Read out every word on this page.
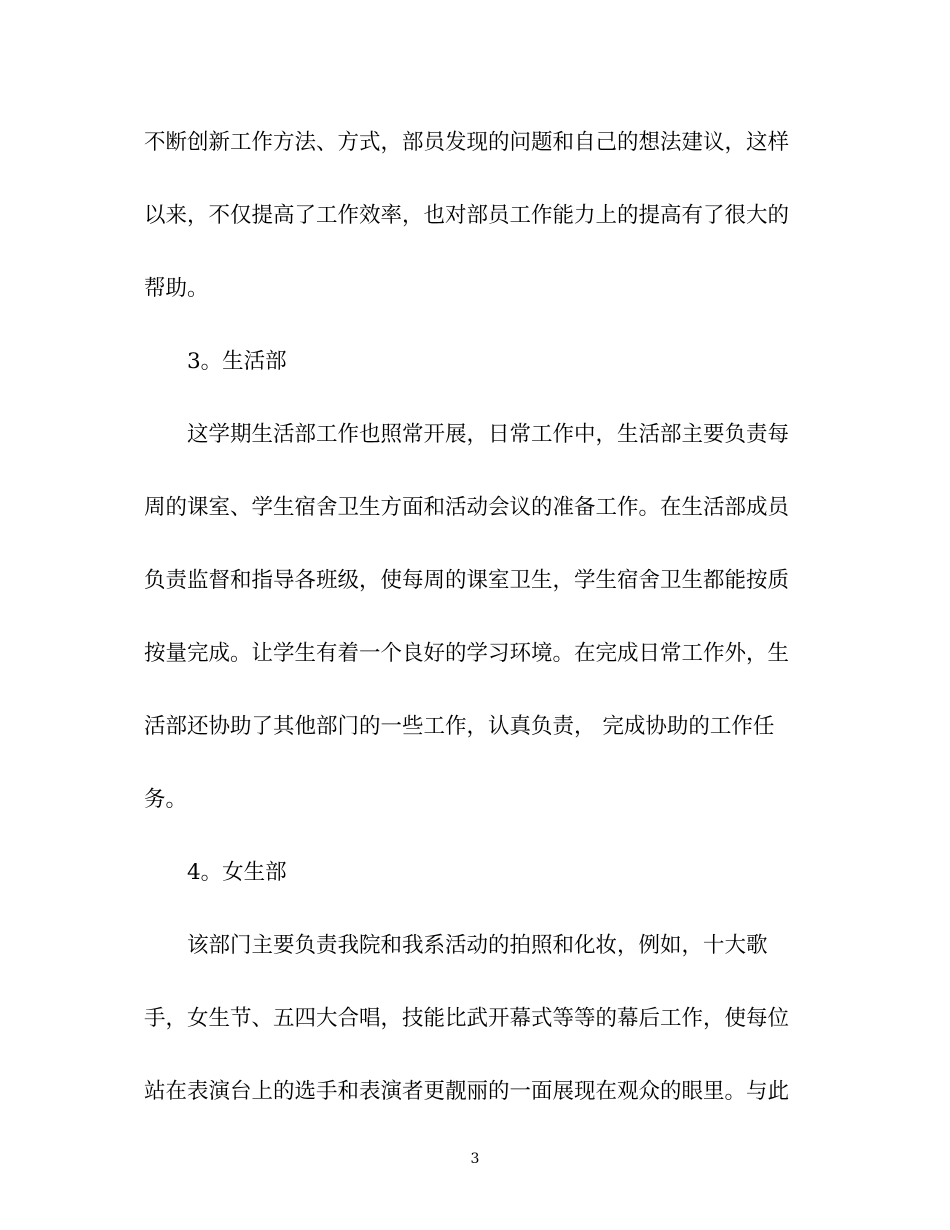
不断创新工作方法、方式，部员发现的问题和自己的想法建议，这样
以来，不仅提高了工作效率，也对部员工作能力上的提高有了很大的
帮助。
3。生活部
这学期生活部工作也照常开展，日常工作中，生活部主要负责每
周的课室、学生宿舍卫生方面和活动会议的准备工作。在生活部成员
负责监督和指导各班级，使每周的课室卫生，学生宿舍卫生都能按质
按量完成。让学生有着一个良好的学习环境。在完成日常工作外，生
活部还协助了其他部门的一些工作，认真负责， 完成协助的工作任
务。
4。女生部
该部门主要负责我院和我系活动的拍照和化妆，例如，十大歌
手，女生节、五四大合唱，技能比武开幕式等等的幕后工作，使每位
站在表演台上的选手和表演者更靓丽的一面展现在观众的眼里。与此
3
